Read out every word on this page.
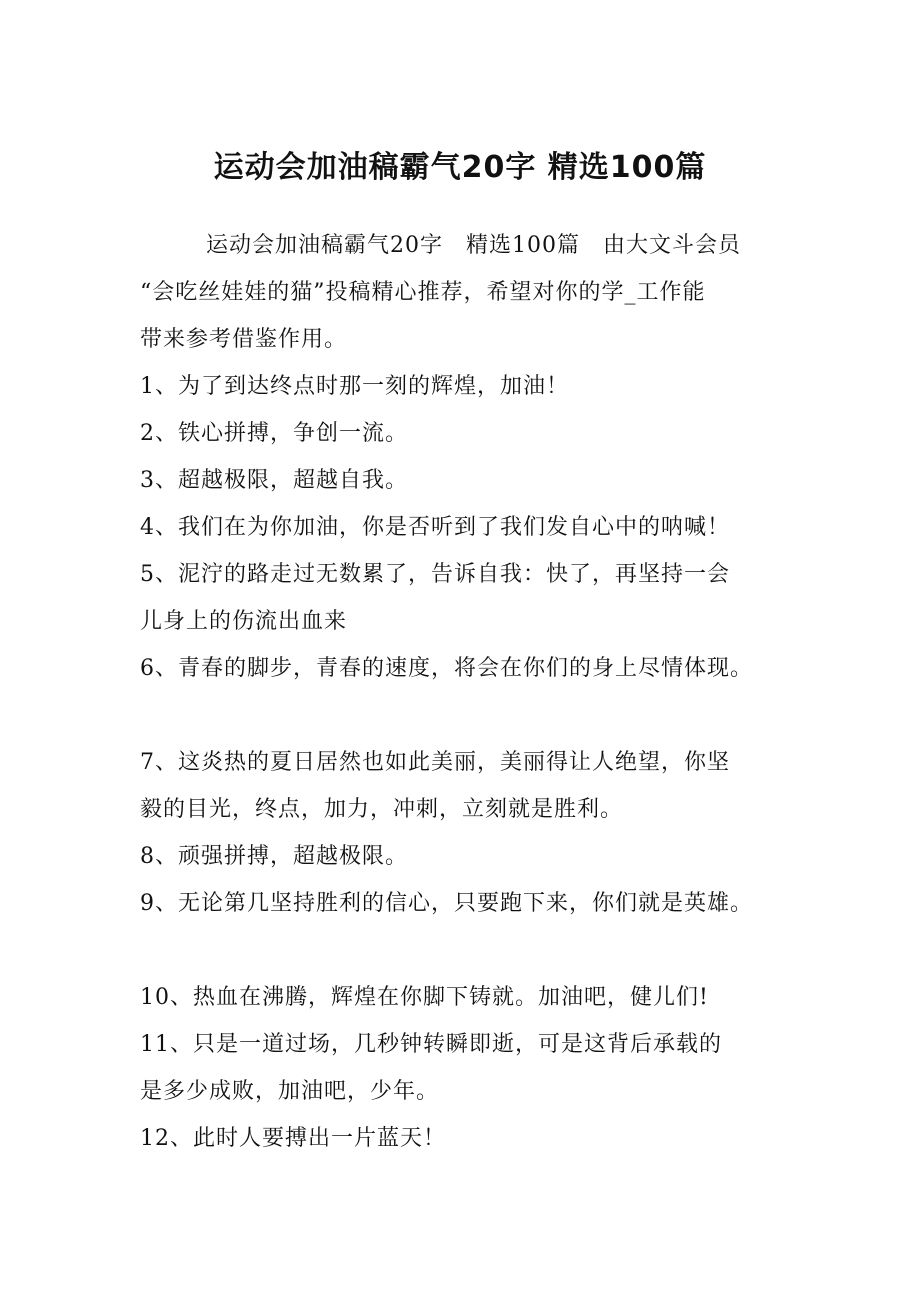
运动会加油稿霸气20字 精选100篇
运动会加油稿霸气20字　精选100篇　由大文斗会员
“会吃丝娃娃的猫”投稿精心推荐，希望对你的学_工作能
带来参考借鉴作用。
1、为了到达终点时那一刻的辉煌，加油！
2、铁心拼搏，争创一流。
3、超越极限，超越自我。
4、我们在为你加油，你是否听到了我们发自心中的呐喊！
5、泥泞的路走过无数累了，告诉自我：快了，再坚持一会
儿身上的伤流出血来
6、青春的脚步，青春的速度，将会在你们的身上尽情体现。
7、这炎热的夏日居然也如此美丽，美丽得让人绝望，你坚
毅的目光，终点，加力，冲刺，立刻就是胜利。
8、顽强拼搏，超越极限。
9、无论第几坚持胜利的信心，只要跑下来，你们就是英雄。
10、热血在沸腾，辉煌在你脚下铸就。加油吧，健儿们!
11、只是一道过场，几秒钟转瞬即逝，可是这背后承载的
是多少成败，加油吧，少年。
12、此时人要搏出一片蓝天！
